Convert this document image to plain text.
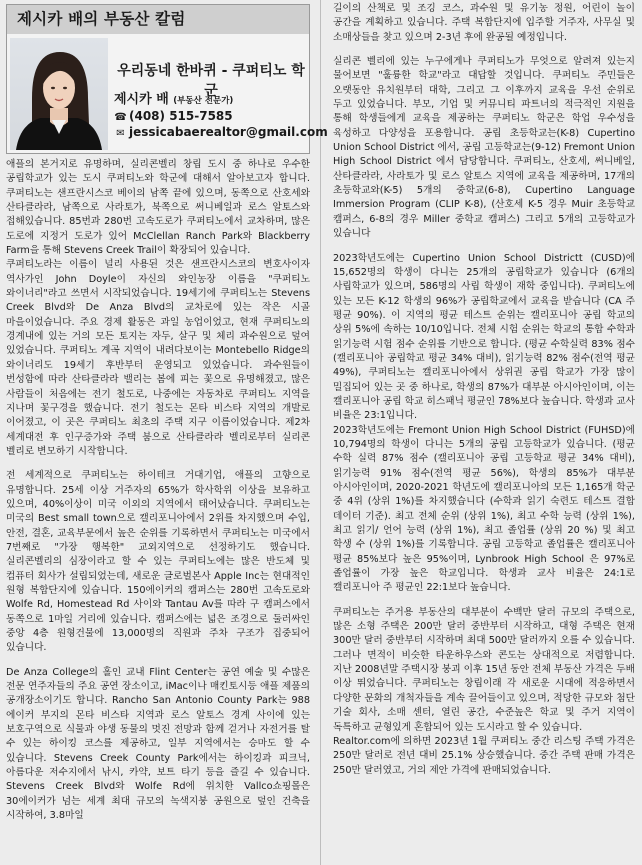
제시카 배의 부동산 칼럼
우리동네 한바퀴 - 쿠퍼티노 학군
제시카 배 (부동산 전문가)
☎ (408) 515-7585
✉ jessicabaerealtor@gmail.com

애플의 본거지로 유명하며, 실리콘벨리 창립 도시 중 하나로 우수한 공립학교가 있는 도시 쿠퍼티노와 학군에 대해서 알아보고자 합니다. 쿠퍼티노는 샌프란시스코 베이의 남쪽 끝에 있으며, 동쪽으로 산호세와 산타클라라, 남쪽으로 사라토가, 북쪽으로 써니베일과 로스 알토스와 접해있습니다. 85번과 280번 고속도로가 쿠퍼티노에서 교차하며, 많은 도로에 지정거 도로가 있어 McClellan Ranch Park와 Blackberry Farm을 통해 Stevens Creek Trail이 확장되어 있습니다.

쿠퍼티노라는 이름이 널리 사용된 것은 샌프란시스코의 변호사이자 역사가인 John Doyle이 자신의 와인농장 이름을 "쿠퍼티노 와이너리"라고 쓰면서 시작되었습니다. 19세기에 쿠퍼티노는 Stevens Creek Blvd와 De Anza Blvd의 교차로에 있는 작은 시골 마을이었습니다. 주요 경제 활동은 과일 농업이었고, 현재 쿠퍼티노의 경계내에 있는 거의 모든 토지는 자두, 살구 및 체리 과수원으로 덮여 있었습니다. 쿠퍼티노 계곡 지역이 내려다보이는 Montebello Ridge의 와이너리도 19세기 후반부터 운영되고 있었습니다. 과수원들이 번성함에 따라 산타클라라 밸리는 봄에 피는 꽃으로 유명해졌고, 많은 사람들이 처음에는 전기 철도로, 나중에는 자동차로 쿠퍼티노 지역을 지나며 꽃구경을 했습니다. 전기 철도는 몬타 비스타 지역의 개발로 이어졌고, 이 곳은 쿠퍼티노 최초의 주택 지구 이름이었습니다. 제2차 세계대전 후 인구증가와 주택 붐으로 산타클라라 벨리로부터 실리콘 벨리로 변모하기 시작합니다.

전 세계적으로 쿠퍼티노는 하이테크 거대기업, 애플의 고향으로 유명합니다. 25세 이상 거주자의 65%가 학사학위 이상을 보유하고 있으며, 40%이상이 미국 이외의 지역에서 태어났습니다. 쿠퍼티노는 미국의 Best small town으로 캘리포니아에서 2위를 차지했으며 수입, 안전, 결혼, 교육부문에서 높은 순위를 기록하면서 쿠퍼티노는 미국에서 7번째로 "가장 행복한" 교외지역으로 선정하기도 했습니다. 실리콘벨리의 심장이라고 할 수 있는 쿠퍼티노에는 많은 반도체 및 컴퓨터 회사가 설립되었는데, 새로운 글로벌본사 Apple Inc는 현대적인 원형 복합단지에 있습니다. 150에이커의 캠퍼스는 280번 고속도로와 Wolfe Rd, Homestead Rd 사이와 Tantau Av를 따라 구 캠퍼스에서 동쪽으로 1마일 거리에 있습니다. 캠퍼스에는 넓은 조경으로 둘러싸인 중앙 4층 원형건물에 13,000명의 직원과 주차 구조가 집중되어 있습니다.

De Anza College의 홀인 교내 Flint Center는 공연 예술 및 수많은 전문 연주자들의 주요 공연 장소이고, iMac이나 매킨토시등 애플 제품의 공개장소이기도 합니다. Rancho San Antonio County Park는 988 에이커 부지의 몬타 비스타 지역과 로스 알토스 경계 사이에 있는 보호구역으로 식물과 야생 동물의 멋진 전망과 함께 걷거나 자전거를 탈 수 있는 하이킹 코스를 제공하고, 일부 지역에서는 승마도 할 수 있습니다. Stevens Creek County Park에서는 하이킹과 피크닉, 아름다운 저수지에서 낚시, 카약, 보트 타기 등을 즐길 수 있습니다. Stevens Creek Blvd와 Wolfe Rd에 위치한 Vallco쇼핑몰은 30에이커가 넘는 세계 최대 규모의 녹색지붕 공원으로 덮인 건축을 시작하여, 3.8마일

길이의 산책로 및 조깅 코스, 과수원 및 유기농 정원, 어린이 놀이 공간을 계획하고 있습니다. 주택 복합단지에 입주할 거주자, 사무실 및 소매상들을 찾고 있으며 2-3년 후에 완공될 예정입니다.

실리콘 벨리에 있는 누구에게나 쿠퍼티노가 무엇으로 알려져 있는지 물어보면 "훌륭한 학교"라고 대답할 것입니다. 쿠퍼티노 주민들은 오랫동안 유치원부터 대학, 그리고 그 이후까지 교육을 우선 순위로 두고 있었습니다. 부모, 기업 및 커뮤니티 파트너의 적극적인 지원을 통해 학생들에게 교육을 제공하는 쿠퍼티노 학군은 학업 우수성을 육성하고 다양성을 포용합니다. 공립 초등학교는(K-8) Cupertino Union School District 에서, 공립 고등학교는(9-12) Fremont Union High School District 에서 담당합니다. 쿠퍼티노, 산호세, 써니베일, 산타클라라, 사라토가 및 로스 알토스 지역에 교육을 제공하며, 17개의 초등학교와(K-5) 5개의 중학교(6-8), Cupertino Language Immersion Program (CLIP K-8), (산호세 K-5 경우 Muir 초등학교 캠퍼스, 6-8의 경우 Miller 중학교 캠퍼스) 그리고 5개의 고등학교가 있습니다

2023학년도에는 Cupertino Union School Districtt (CUSD)에 15,652명의 학생이 다니는 25개의 공립학교가 있습니다 (6개의 사립학교가 있으며, 586명의 사립 학생이 재학 중입니다). 쿠퍼티노에 있는 모든 K-12 학생의 96%가 공립학교에서 교육을 받습니다 (CA 주 평균 90%). 이 지역의 평균 테스트 순위는 캘리포니아 공립 학교의 상위 5%에 속하는 10/10입니다. 전체 시험 순위는 학교의 통합 수학과 읽기능력 시험 점수 순위를 기반으로 합니다. (평균 수학실력 83% 점수(캘리포니아 공립학교 평균 34% 대비), 읽기능력 82% 점수(전역 평균 49%), 쿠퍼티노는 캘리포니아에서 상위권 공립 학교가 가장 많이 밀집되어 있는 곳 중 하나로, 학생의 87%가 대부분 아시아인이며, 이는 캘리포니아 공립 학교 히스패닉 평균인 78%보다 높습니다. 학생과 교사 비율은 23:1입니다.

2023학년도에는 Fremont Union High School District (FUHSD)에 10,794명의 학생이 다니는 5개의 공립 고등학교가 있습니다. (평균 수학 실력 87% 점수 (캘리포니아 공립 고등학교 평균 34% 대비), 읽기능력 91% 점수(전역 평균 56%), 학생의 85%가 대부분 아시아인이며, 2020-2021 학년도에 캘리포니아의 모든 1,165개 학군 중 4위 (상위 1%)를 차지했습니다 (수학과 읽기 숙련도 테스트 결합 데이터 기준). 최고 전체 순위 (상위 1%), 최고 수학 능력 (상위 1%), 최고 읽기/ 언어 능력 (상위 1%), 최고 졸업률 (상위 20 %) 및 최고 학생 수 (상위 1%)를 기록합니다. 공립 고등학교 졸업률은 캘리포니아 평균 85%보다 높은 95%이며, Lynbrook High School 은 97%로 졸업률이 가장 높은 학교입니다. 학생과 교사 비율은 24:1로 캘리포니아 주 평균인 22:1보다 높습니다.

쿠퍼티노는 주거용 부동산의 대부분이 수백만 달러 규모의 주택으로, 많은 소형 주택은 200만 달러 중반부터 시작하고, 대형 주택은 현재 300만 달러 중반부터 시작하며 최대 500만 달러까지 오를 수 있습니다. 그러나 면적이 비슷한 타운하우스와 콘도는 상대적으로 저렴합니다. 지난 2008년말 주택시장 붕괴 이후 15년 동안 전체 부동산 가격은 두배 이상 뛰었습니다. 쿠퍼티노는 창립이래 각 새로운 시대에 적응하면서 다양한 문화의 개척자들을 계속 끌어들이고 있으며, 적당한 규모와 첨단 기술 회사, 소매 센터, 열린 공간, 수준높은 학교 및 주거 지역이 독특하고 균형있게 혼합되어 있는 도시라고 할 수 있습니다.

Realtor.com에 의하면 2023년 1월 쿠퍼티노 중간 리스팅 주택 가격은 250만 달러로 전년 대비 25.1% 상승했습니다. 중간 주택 판매 가격은 250만 달러였고, 거의 제안 가격에 판매되었습니다.
